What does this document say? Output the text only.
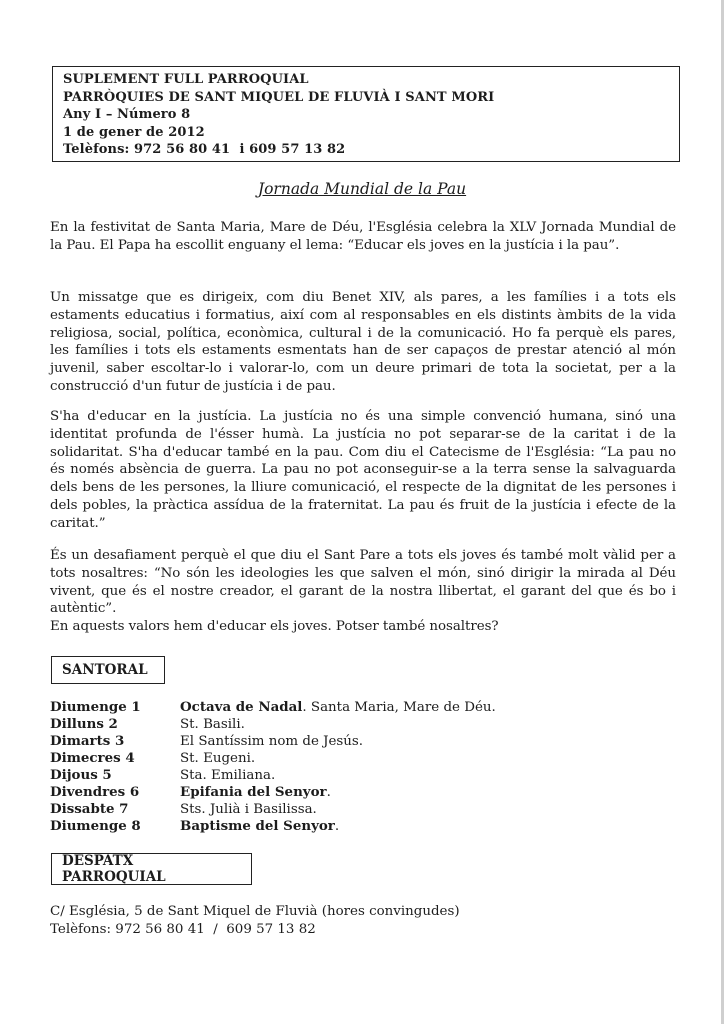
SUPLEMENT FULL PARROQUIAL
PARRÒQUIES DE SANT MIQUEL DE FLUVIÀ I SANT MORI
Any I – Número 8
1 de gener de 2012
Telèfons: 972 56 80 41  i 609 57 13 82
Jornada Mundial de la Pau

En la festivitat de Santa Maria, Mare de Déu, l'Església celebra la XLV Jornada Mundial de la Pau. El Papa ha escollit enguany el lema: “Educar els joves en la justícia i la pau”.

Un missatge que es dirigeix, com diu Benet XIV, als pares, a les famílies i a tots els estaments educatius i formatius, així com al responsables en els distints àmbits de la vida religiosa, social, política, econòmica, cultural i de la comunicació. Ho fa perquè els pares, les famílies i tots els estaments esmentats han de ser capaços de prestar atenció al món juvenil, saber escoltar-lo i valorar-lo, com un deure primari de tota la societat, per a la construcció d'un futur de justícia i de pau.

S'ha d'educar en la justícia. La justícia no és una simple convenció humana, sinó una identitat profunda de l'ésser humà. La justícia no pot separar-se de la caritat i de la solidaritat. S'ha d'educar també en la pau. Com diu el Catecisme de l'Església: “La pau no és només absència de guerra. La pau no pot aconseguir-se a la terra sense la salvaguarda dels bens de les persones, la lliure comunicació, el respecte de la dignitat de les persones i dels pobles, la pràctica assídua de la fraternitat. La pau és fruit de la justícia i efecte de la caritat.”

És un desafiament perquè el que diu el Sant Pare a tots els joves és també molt vàlid per a tots nosaltres: “No són les ideologies les que salven el món, sinó dirigir la mirada al Déu vivent, que és el nostre creador, el garant de la nostra llibertat, el garant del que és bo i autèntic”.
En aquests valors hem d'educar els joves. Potser també nosaltres?
SANTORAL
Diumenge 1	Octava de Nadal. Santa Maria, Mare de Déu.
Dilluns 2	St. Basili.
Dimarts 3	El Santíssim nom de Jesús.
Dimecres 4	St. Eugeni.
Dijous 5	Sta. Emiliana.
Divendres 6	Epifania del Senyor.
Dissabte 7	Sts. Julià i Basilissa.
Diumenge 8	Baptisme del Senyor.
DESPATX PARROQUIAL
C/ Església, 5 de Sant Miquel de Fluvià (hores convingudes)
Telèfons: 972 56 80 41  /  609 57 13 82
